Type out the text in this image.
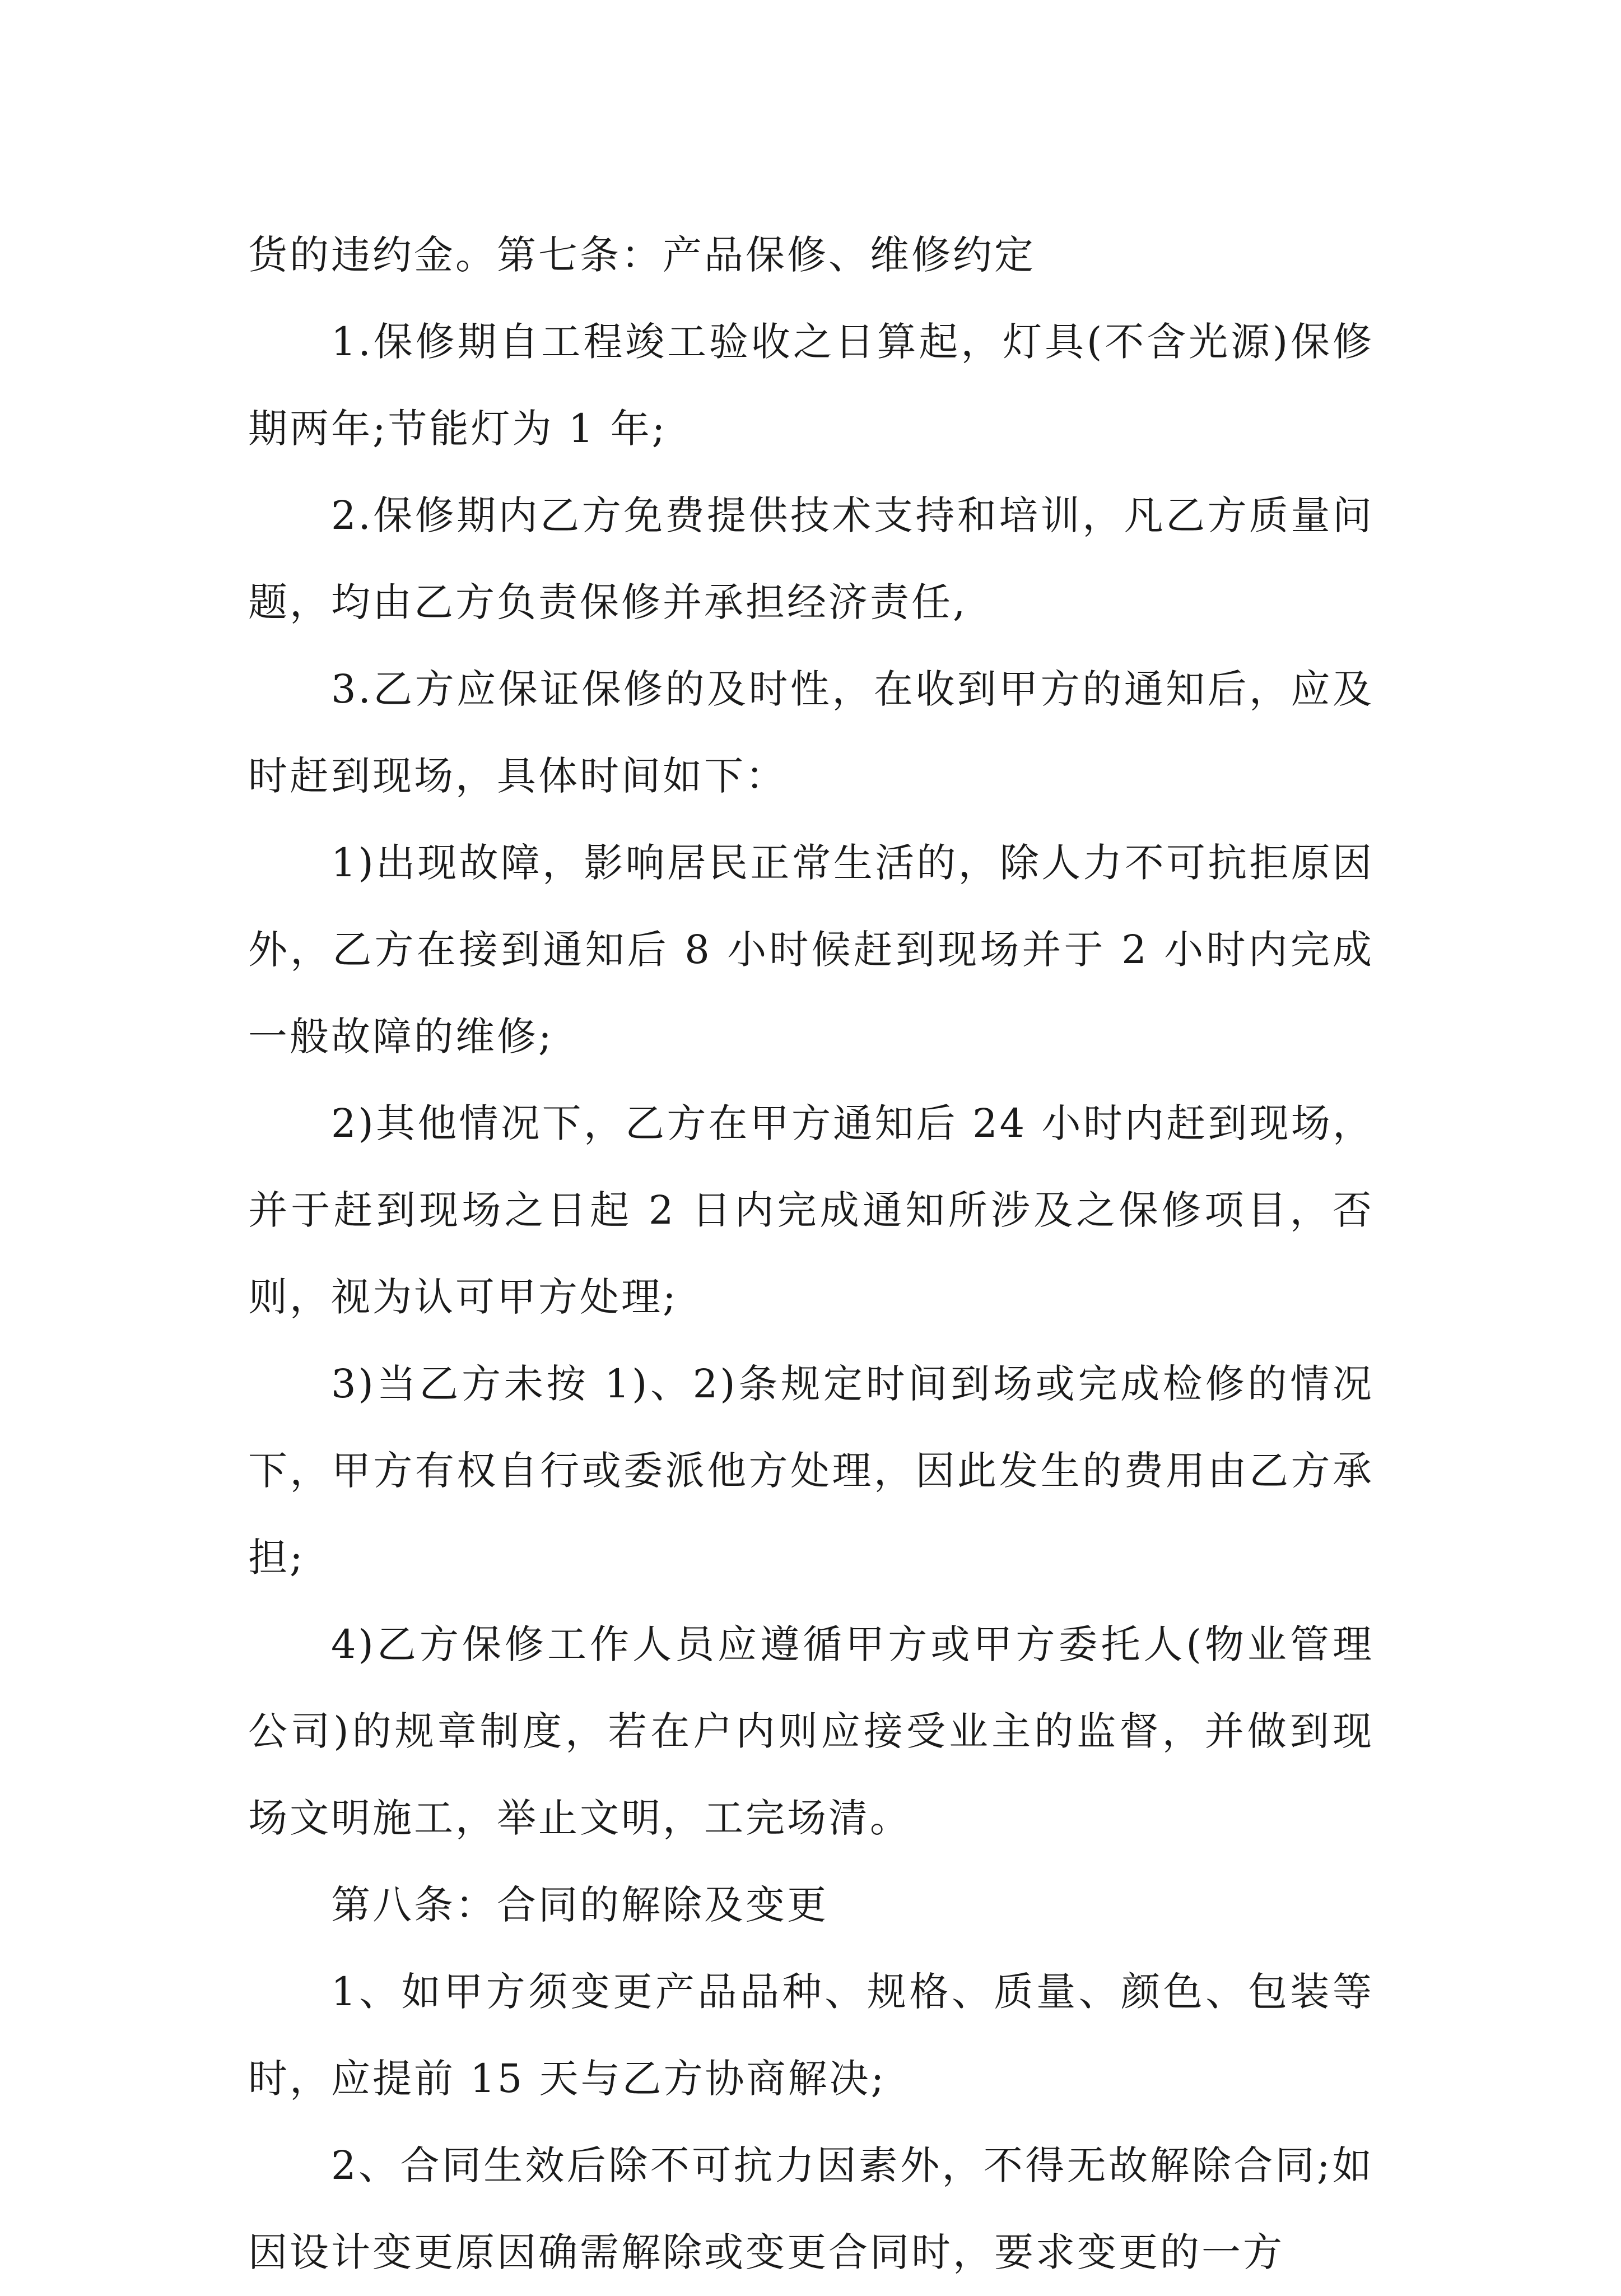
货的违约金。第七条：产品保修、维修约定

1.保修期自工程竣工验收之日算起，灯具(不含光源)保修期两年;节能灯为 1 年;

2.保修期内乙方免费提供技术支持和培训，凡乙方质量问题，均由乙方负责保修并承担经济责任,

3.乙方应保证保修的及时性，在收到甲方的通知后，应及时赶到现场，具体时间如下：

1)出现故障，影响居民正常生活的，除人力不可抗拒原因外，乙方在接到通知后 8 小时候赶到现场并于 2 小时内完成一般故障的维修;

2)其他情况下，乙方在甲方通知后 24 小时内赶到现场，并于赶到现场之日起 2 日内完成通知所涉及之保修项目，否则，视为认可甲方处理;

3)当乙方未按 1)、2)条规定时间到场或完成检修的情况下，甲方有权自行或委派他方处理，因此发生的费用由乙方承担;

4)乙方保修工作人员应遵循甲方或甲方委托人(物业管理公司)的规章制度，若在户内则应接受业主的监督，并做到现场文明施工，举止文明，工完场清。

第八条：合同的解除及变更

1、如甲方须变更产品品种、规格、质量、颜色、包装等时，应提前 15 天与乙方协商解决;

2、合同生效后除不可抗力因素外，不得无故解除合同;如因设计变更原因确需解除或变更合同时，要求变更的一方
